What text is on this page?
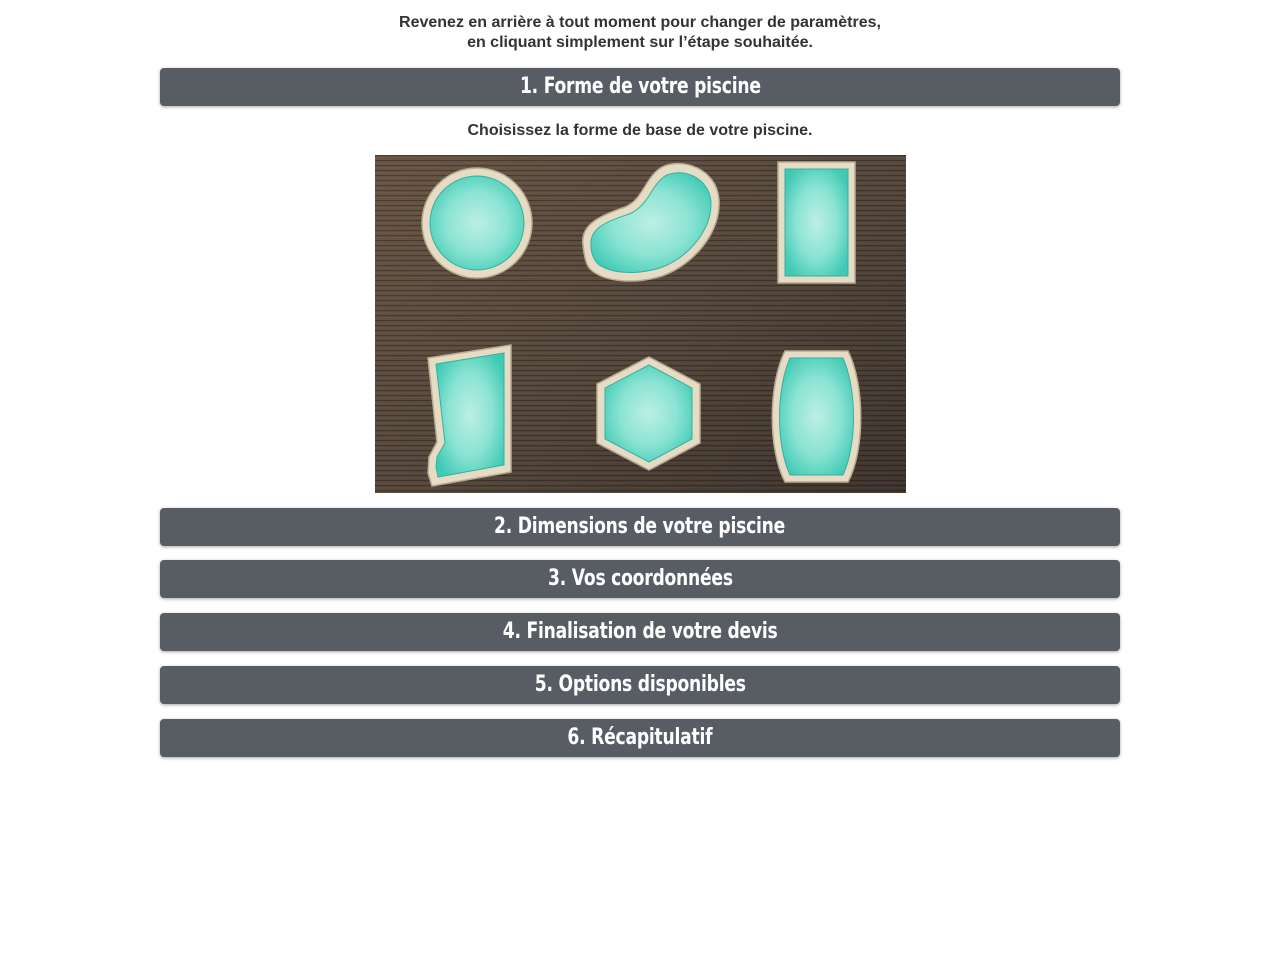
Revenez en arrière à tout moment pour changer de paramètres,
en cliquant simplement sur l’étape souhaitée.
1. Forme de votre piscine
Choisissez la forme de base de votre piscine.
2. Dimensions de votre piscine
3. Vos coordonnées
4. Finalisation de votre devis
5. Options disponibles
6. Récapitulatif
